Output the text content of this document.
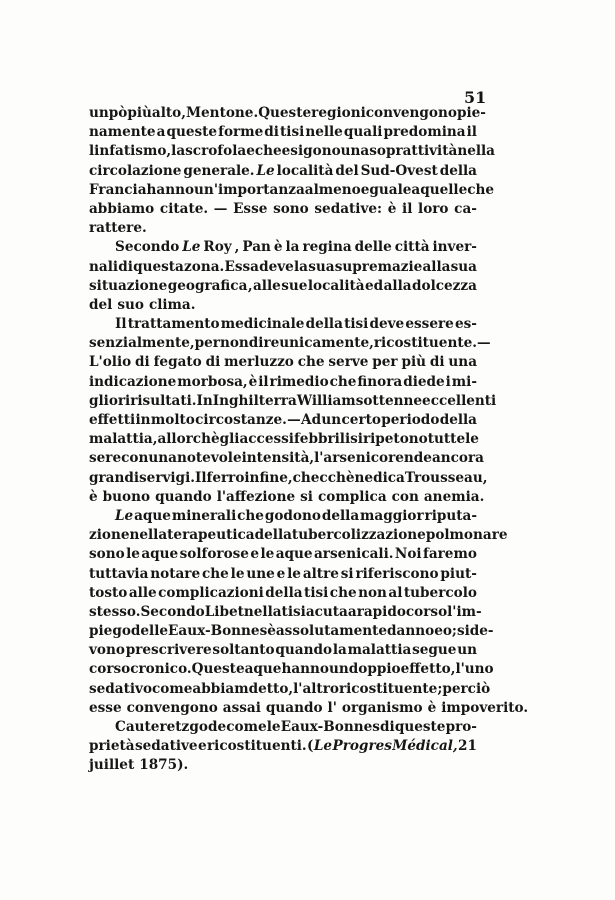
51
un pò più alto, Mentone. Queste regioni convengono pie-
namente a queste forme di tisi nelle quali predomina il
linfatismo, la scrofola e che esigono una soprattività nella
circolazione generale. Le località del Sud-Ovest della
Francia hanno un'importanza almeno eguale a quelle che
abbiamo citate. — Esse sono sedative: è il loro ca-
rattere.
Secondo Le Roy , Pan è la regina delle città inver-
nali di questa zona. Essa deve la sua supremazie alla sua
situazione geografica , alle sue località ed alla dolcezza
del suo clima.
Il trattamento medicinale della tisi deve essere es-
senzialmente, per non dire unicamente, ricostituente. —
L'olio di fegato di merluzzo che serve per più di una
indicazione morbosa, è il rimedio che finora diede i mi-
gliori risultati. In Inghilterra Williams ottenne eccellenti
effetti in molto circostanze. — Ad un certo periodo della
malattia, allorchè gli accessi febbrili si ripetono tutte le
sere con una notevole intensità, l'arsenico rende ancora
grandi servigi. Il ferro in fine, checchè ne dica Trousseau,
è buono quando l'affezione si complica con anemia.
Le aque minerali che godono della maggior riputa-
zione nella terapeutica della tubercolizzazione polmonare
sono le aque solforose e le aque arsenicali. Noi faremo
tuttavia notare che le une e le altre si riferiscono piut-
tosto alle complicazioni della tisi che non al tubercolo
stesso. Secondo Libet nella tisi acuta a rapido corso l'im-
piego delle Eaux-Bonnes è assolutamente dannoeo; si de-
vono prescrivere soltanto quando la malattia segue un
corso cronico. Queste aque hanno un doppio effetto, l'uno
sedativo come abbiam detto, l' altro ricostituente; perciò
esse convengono assai quando l' organismo è impoverito.
Cauteretz gode come le Eaux-Bonnes di queste pro-
prietà sedative e ricostituenti. ( Le Progres Médical, 21
juillet 1875).
